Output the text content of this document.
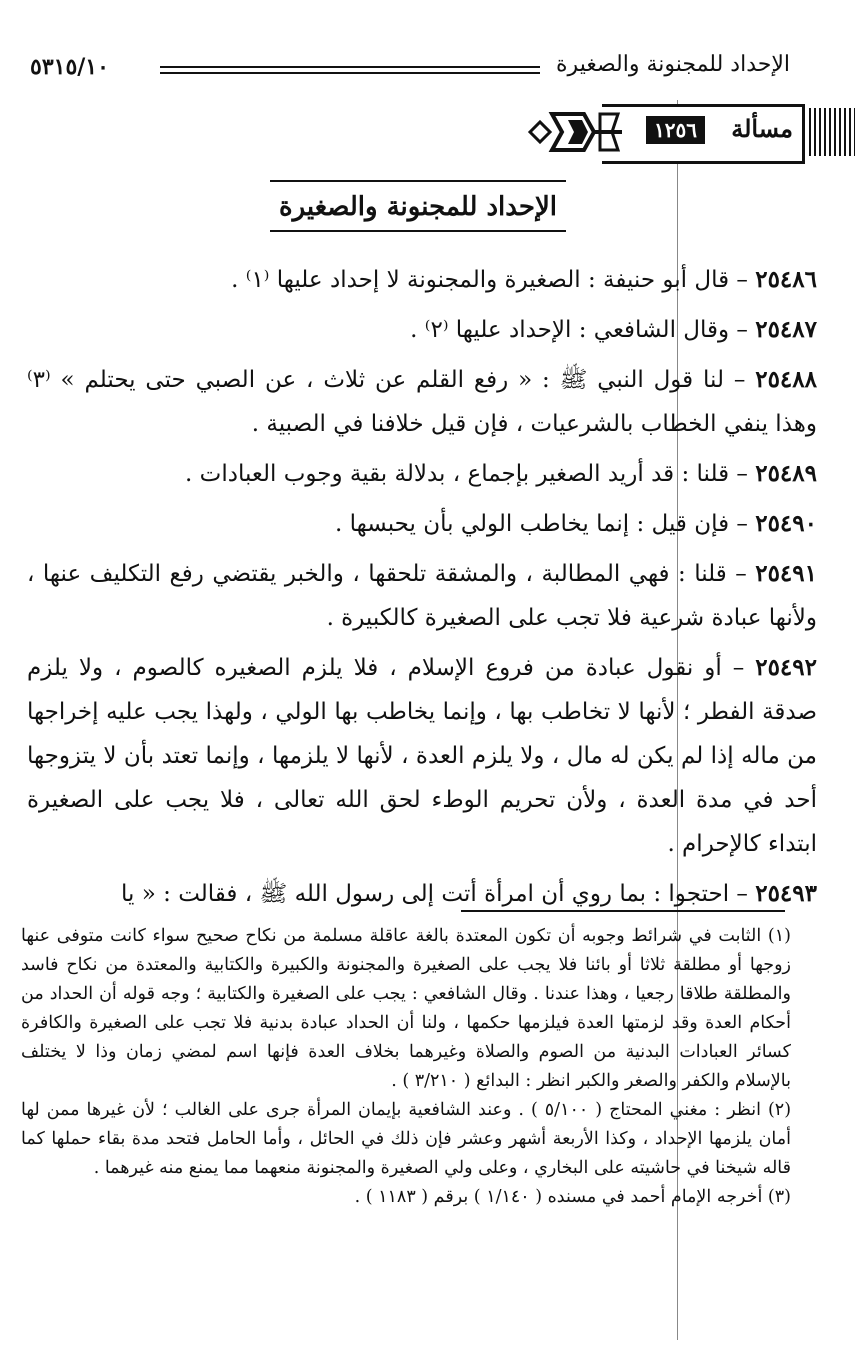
الإحداد للمجنونة والصغيرة
٥٣١٥/١٠
مسألة
١٢٥٦
الإحداد للمجنونة والصغيرة

٢٥٤٨٦ – قال أبو حنيفة : الصغيرة والمجنونة لا إحداد عليها ⁽١⁾ .

٢٥٤٨٧ – وقال الشافعي : الإحداد عليها ⁽٢⁾ .

٢٥٤٨٨ – لنا قول النبي ﷺ : « رفع القلم عن ثلاث ، عن الصبي حتى يحتلم » ⁽٣⁾ وهذا ينفي الخطاب بالشرعيات ، فإن قيل خلافنا في الصبية .

٢٥٤٨٩ – قلنا : قد أريد الصغير بإجماع ، بدلالة بقية وجوب العبادات .

٢٥٤٩٠ – فإن قيل : إنما يخاطب الولي بأن يحبسها .

٢٥٤٩١ – قلنا : فهي المطالبة ، والمشقة تلحقها ، والخبر يقتضي رفع التكليف عنها ، ولأنها عبادة شرعية فلا تجب على الصغيرة كالكبيرة .

٢٥٤٩٢ – أو نقول عبادة من فروع الإسلام ، فلا يلزم الصغيره كالصوم ، ولا يلزم صدقة الفطر ؛ لأنها لا تخاطب بها ، وإنما يخاطب بها الولي ، ولهذا يجب عليه إخراجها من ماله إذا لم يكن له مال ، ولا يلزم العدة ، لأنها لا يلزمها ، وإنما تعتد بأن لا يتزوجها أحد في مدة العدة ، ولأن تحريم الوطء لحق الله تعالى ، فلا يجب على الصغيرة ابتداء كالإحرام .

٢٥٤٩٣ – احتجوا : بما روي أن امرأة أتت إلى رسول الله ﷺ ، فقالت : « يا

(١) الثابت في شرائط وجوبه أن تكون المعتدة بالغة عاقلة مسلمة من نكاح صحيح سواء كانت متوفى عنها زوجها أو مطلقة ثلاثا أو بائنا فلا يجب على الصغيرة والمجنونة والكبيرة والكتابية والمعتدة من نكاح فاسد والمطلقة طلاقا رجعيا ، وهذا عندنا . وقال الشافعي : يجب على الصغيرة والكتابية ؛ وجه قوله أن الحداد من أحكام العدة وقد لزمتها العدة فيلزمها حكمها ، ولنا أن الحداد عبادة بدنية فلا تجب على الصغيرة والكافرة كسائر العبادات البدنية من الصوم والصلاة وغيرهما بخلاف العدة فإنها اسم لمضي زمان وذا لا يختلف بالإسلام والكفر والصغر والكبر انظر : البدائع ( ٣/٢١٠ ) .

(٢) انظر : مغني المحتاج ( ٥/١٠٠ ) . وعند الشافعية بإيمان المرأة جرى على الغالب ؛ لأن غيرها ممن لها أمان يلزمها الإحداد ، وكذا الأربعة أشهر وعشر فإن ذلك في الحائل ، وأما الحامل فتحد مدة بقاء حملها كما قاله شيخنا في حاشيته على البخاري ، وعلى ولي الصغيرة والمجنونة منعهما مما يمنع منه غيرهما .

(٣) أخرجه الإمام أحمد في مسنده ( ١/١٤٠ ) برقم ( ١١٨٣ ) .
